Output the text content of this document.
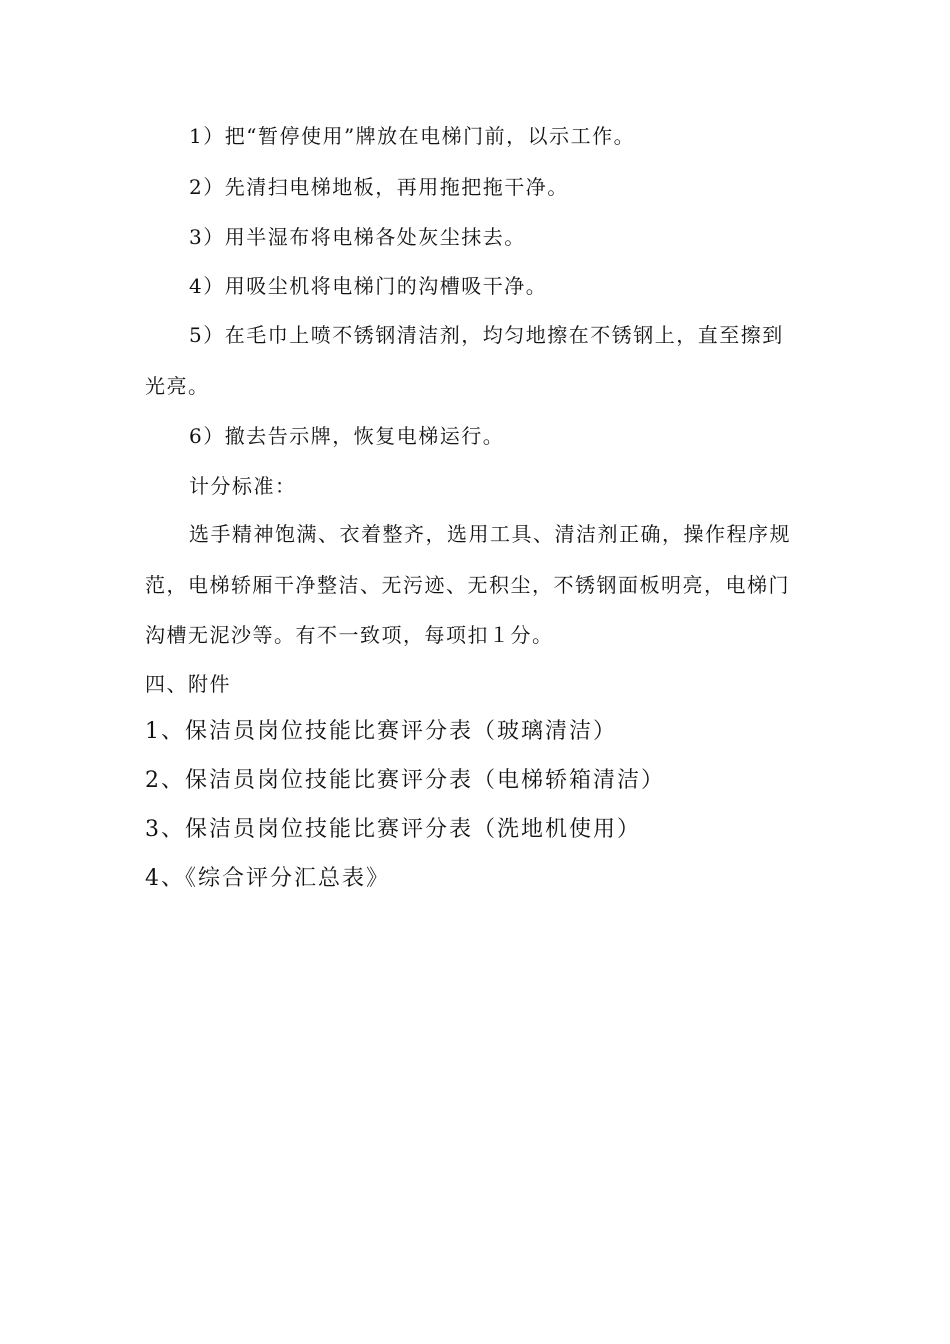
1）把“暂停使用”牌放在电梯门前，以示工作。
2）先清扫电梯地板，再用拖把拖干净。
3）用半湿布将电梯各处灰尘抹去。
4）用吸尘机将电梯门的沟槽吸干净。
5）在毛巾上喷不锈钢清洁剂，均匀地擦在不锈钢上，直至擦到
光亮。
6）撤去告示牌，恢复电梯运行。
计分标准：
选手精神饱满、衣着整齐，选用工具、清洁剂正确，操作程序规
范，电梯轿厢干净整洁、无污迹、无积尘，不锈钢面板明亮，电梯门
沟槽无泥沙等。有不一致项，每项扣１分。
四、附件
1、保洁员岗位技能比赛评分表（玻璃清洁）
2、保洁员岗位技能比赛评分表（电梯轿箱清洁）
3、保洁员岗位技能比赛评分表（洗地机使用）
4、《综合评分汇总表》
